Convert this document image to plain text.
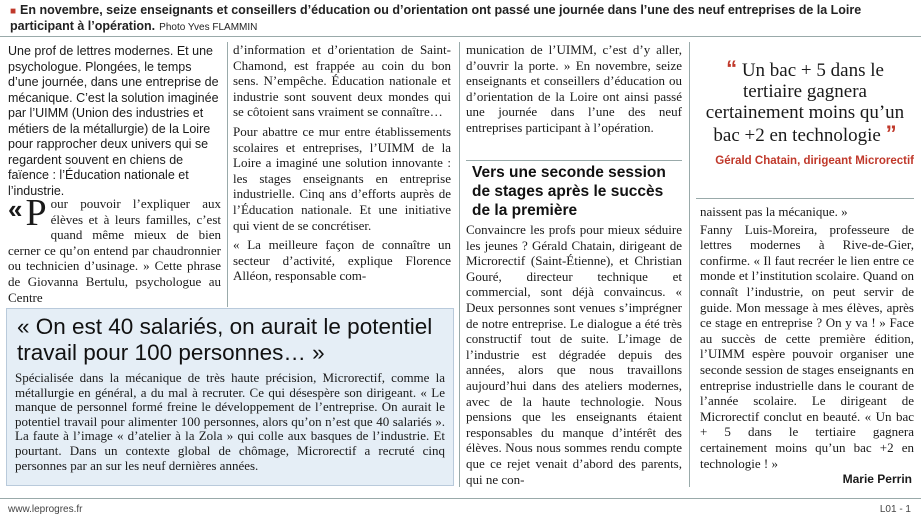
■ En novembre, seize enseignants et conseillers d’éducation ou d’orientation ont passé une journée dans l’une des neuf entreprises de la Loire participant à l’opération. Photo Yves FLAMMIN
Une prof de lettres modernes. Et une psychologue. Plongées, le temps d’une journée, dans une entreprise de mécanique. C’est la solution imaginée par l’UIMM (Union des industries et métiers de la métallurgie) de la Loire pour rapprocher deux univers qui se regardent souvent en chiens de faïence : l’Éducation nationale et l’industrie.
« P our pouvoir l’expliquer aux élèves et à leurs familles, c’est quand même mieux de bien cerner ce qu’on entend par chaudronnier ou technicien d’usinage. » Cette phrase de Giovanna Bertulu, psychologue au Centre

d’information et d’orientation de Saint-Chamond, est frappée au coin du bon sens. N’empêche. Éducation nationale et industrie sont souvent deux mondes qui se côtoient sans vraiment se connaître…

Pour abattre ce mur entre établissements scolaires et entreprises, l’UIMM de la Loire a imaginé une solution innovante : les stages enseignants en entreprise industrielle. Cinq ans d’efforts auprès de l’Éducation nationale. Et une initiative qui vient de se concrétiser.

« La meilleure façon de connaître un secteur d’activité, explique Florence Alléon, responsable com-

munication de l’UIMM, c’est d’y aller, d’ouvrir la porte. » En novembre, seize enseignants et conseillers d’éducation ou d’orientation de la Loire ont ainsi passé une journée dans l’une des neuf entreprises participant à l’opération.

Vers une seconde session de stages après le succès de la première

Convaincre les profs pour mieux séduire les jeunes ? Gérald Chatain, dirigeant de Microrectif (Saint-Étienne), et Christian Gouré, directeur technique et commercial, sont déjà convaincus. « Deux personnes sont venues s’imprégner de notre entreprise. Le dialogue a été très constructif tout de suite. L’image de l’industrie est dégradée depuis des années, alors que nous travaillons aujourd’hui dans des ateliers modernes, avec de la haute technologie. Nous pensions que les enseignants étaient responsables du manque d’intérêt des élèves. Nous nous sommes rendu compte que ce rejet venait d’abord des parents, qui ne con-

“ Un bac + 5 dans le tertiaire gagnera certainement moins qu’un bac +2 en technologie ”
Gérald Chatain, dirigeant Microrectif

naissent pas la mécanique. »

Fanny Luis-Moreira, professeure de lettres modernes à Rive-de-Gier, confirme. « Il faut recréer le lien entre ce monde et l’institution scolaire. Quand on connaît l’industrie, on peut servir de guide. Mon message à mes élèves, après ce stage en entreprise ? On y va ! » Face au succès de cette première édition, l’UIMM espère pouvoir organiser une seconde session de stages enseignants en entreprise industrielle dans le courant de l’année scolaire. Le dirigeant de Microrectif conclut en beauté. « Un bac + 5 dans le tertiaire gagnera certainement moins qu’un bac +2 en technologie ! »

Marie Perrin
« On est 40 salariés, on aurait le potentiel travail pour 100 personnes… »
Spécialisée dans la mécanique de très haute précision, Microrectif, comme la métallurgie en général, a du mal à recruter. Ce qui désespère son dirigeant. « Le manque de personnel formé freine le développement de l’entreprise. On aurait le potentiel travail pour alimenter 100 personnes, alors qu’on n’est que 40 salariés ». La faute à l’image « d’atelier à la Zola » qui colle aux basques de l’industrie. Et pourtant. Dans un contexte global de chômage, Microrectif a recruté cinq personnes par an sur les neuf dernières années.
www.leprogres.fr	L01 - 1
